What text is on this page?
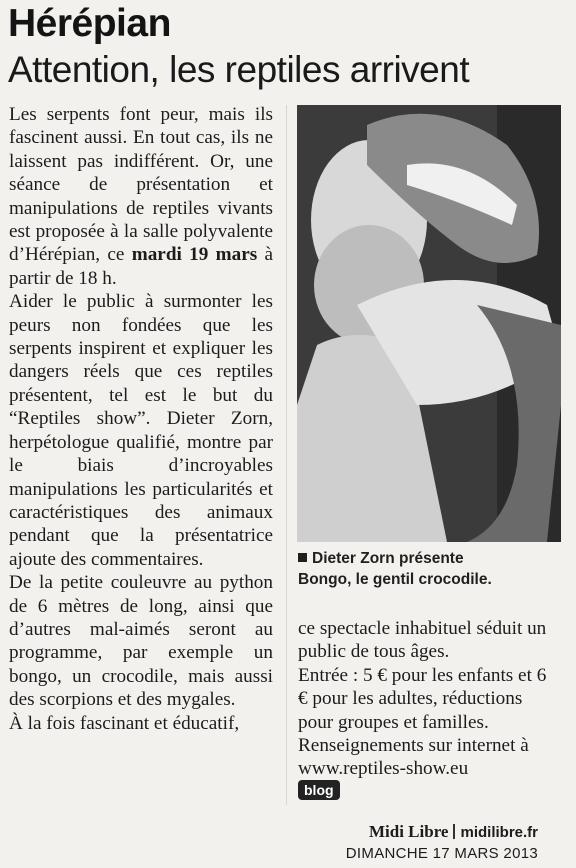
Hérépian
Attention, les reptiles arrivent

Les serpents font peur, mais ils fascinent aussi. En tout cas, ils ne laissent pas indifférent. Or, une séance de présentation et manipulations de reptiles vivants est proposée à la salle polyvalente d’Hérépian, ce mardi 19 mars à partir de 18 h.

Aider le public à surmonter les peurs non fondées que les serpents inspirent et expliquer les dangers réels que ces reptiles présentent, tel est le but du “Reptiles show”. Dieter Zorn, herpétologue qualifié, montre par le biais d’incroyables manipulations les particularités et caractéristiques des animaux pendant que la présentatrice ajoute des commentaires.

De la petite couleuvre au python de 6 mètres de long, ainsi que d’autres mal-aimés seront au programme, par exemple un bongo, un crocodile, mais aussi des scorpions et des mygales.

À la fois fascinant et éducatif,

Dieter Zorn présente
Bongo, le gentil crocodile.

ce spectacle inhabituel séduit un public de tous âges.

Entrée : 5 € pour les enfants et 6 € pour les adultes, réductions pour groupes et familles.

Renseignements sur internet à www.reptiles-show.eu

blog
Midi Libre midilibre.fr
DIMANCHE 17 MARS 2013
